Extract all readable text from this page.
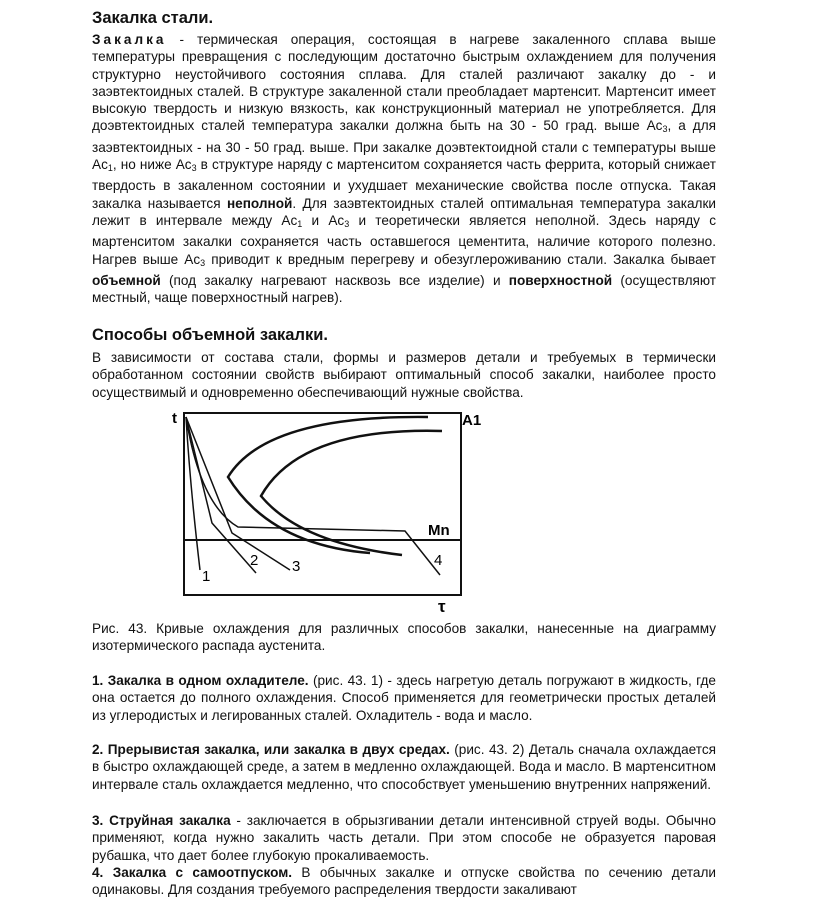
Закалка стали.
Закалка - термическая операция, состоящая в нагреве закаленного сплава выше температуры превращения с последующим достаточно быстрым охлаждением для получения структурно неустойчивого состояния сплава. Для сталей различают закалку до - и заэвтектоидных сталей. В структуре закаленной стали преобладает мартенсит. Мартенсит имеет высокую твердость и низкую вязкость, как конструкционный материал не употребляется. Для доэвтектоидных сталей температура закалки должна быть на 30 - 50 град. выше $Ас_3$, а для заэвтектоидных - на 30 - 50 град. выше. При закалке доэвтектоидной стали с температуры выше $Ас_1$, но ниже $Ас_3$ в структуре наряду с мартенситом сохраняется часть феррита, который снижает твердость в закаленном состоянии и ухудшает механические свойства после отпуска. Такая закалка называется неполной. Для заэвтектоидных сталей оптимальная температура закалки лежит в интервале между $Ас_1$ и $Ас_3$ и теоретически является неполной. Здесь наряду с мартенситом закалки сохраняется часть оставшегося цементита, наличие которого полезно. Нагрев выше $Ас_3$ приводит к вредным перегреву и обезуглероживанию стали. Закалка бывает объемной (под закалку нагревают насквозь все изделие) и поверхностной (осуществляют местный, чаще поверхностный нагрев).
Способы объемной закалки.
В зависимости от состава стали, формы и размеров детали и требуемых в термически обработанном состоянии свойств выбирают оптимальный способ закалки, наиболее просто осуществимый и одновременно обеспечивающий нужные свойства.
t	A1
Mn
τ
1
2 3	4
Рис. 43. Кривые охлаждения для различных способов закалки, нанесенные на диаграмму изотермического распада аустенита.
1. Закалка в одном охладителе. (рис. 43. 1) - здесь нагретую деталь погружают в жидкость, где она остается до полного охлаждения. Способ применяется для геометрически простых деталей из углеродистых и легированных сталей. Охладитель - вода и масло.
2. Прерывистая закалка, или закалка в двух средах. (рис. 43. 2) Деталь сначала охлаждается в быстро охлаждающей среде, а затем в медленно охлаждающей. Вода и масло. В мартенситном интервале сталь охлаждается медленно, что способствует уменьшению внутренних напряжений.
3. Струйная закалка - заключается в обрызгивании детали интенсивной струей воды. Обычно применяют, когда нужно закалить часть детали. При этом способе не образуется паровая рубашка, что дает более глубокую прокаливаемость.
4. Закалка с самоотпуском. В обычных закалке и отпуске свойства по сечению детали одинаковы. Для создания требуемого распределения твердости закаливают
